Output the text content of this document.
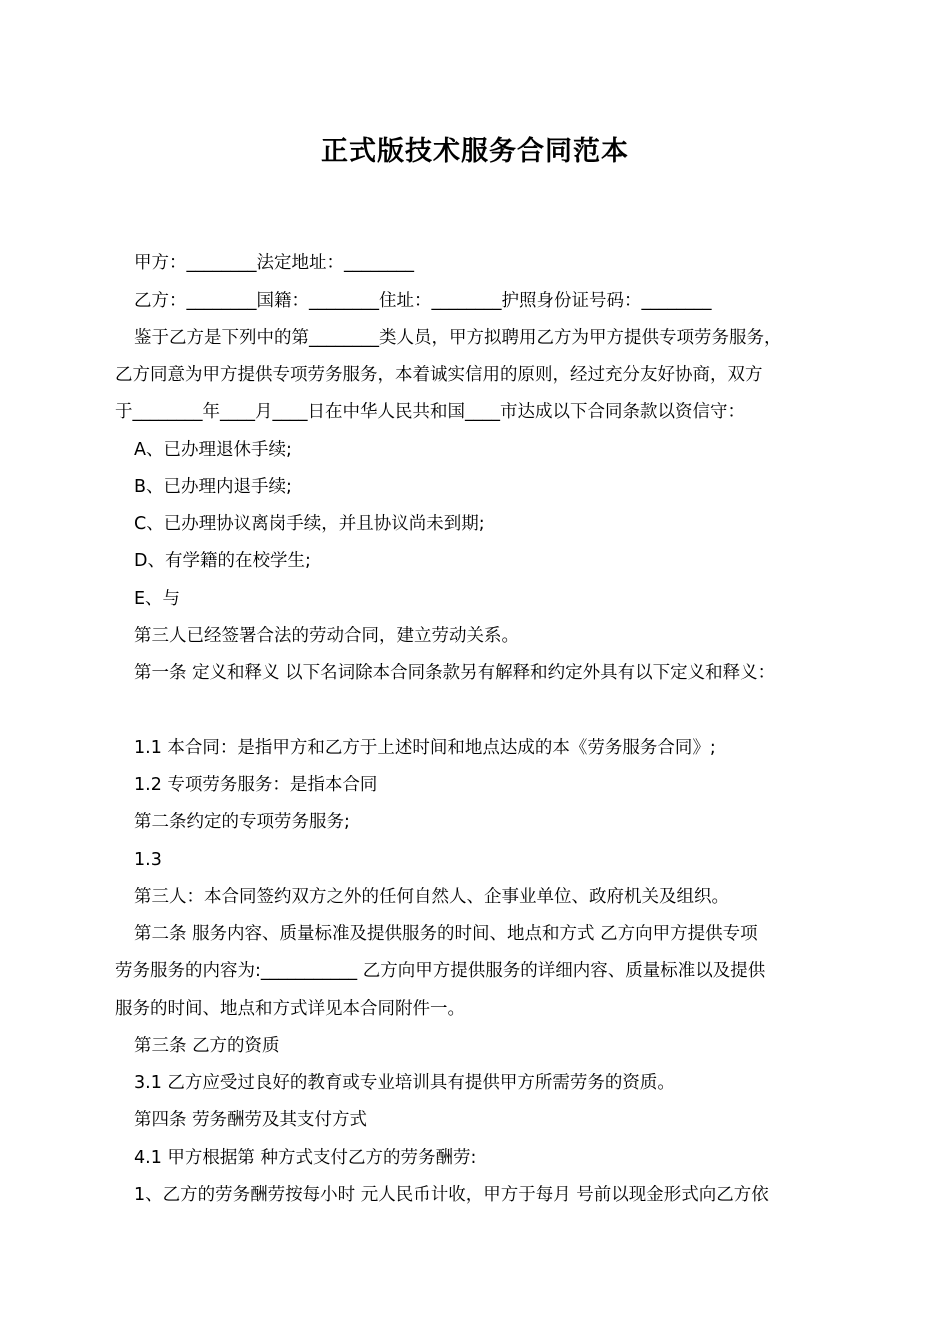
正式版技术服务合同范本
甲方：________法定地址：________
乙方：________国籍：________住址：________护照身份证号码：________
鉴于乙方是下列中的第________类人员，甲方拟聘用乙方为甲方提供专项劳务服务，
乙方同意为甲方提供专项劳务服务，本着诚实信用的原则，经过充分友好协商，双方
于________年____月____日在中华人民共和国____市达成以下合同条款以资信守：
A、已办理退休手续;
B、已办理内退手续;
C、已办理协议离岗手续，并且协议尚未到期;
D、有学籍的在校学生;
E、与
第三人已经签署合法的劳动合同，建立劳动关系。
第一条 定义和释义 以下名词除本合同条款另有解释和约定外具有以下定义和释义：
1.1 本合同：是指甲方和乙方于上述时间和地点达成的本《劳务服务合同》;
1.2 专项劳务服务：是指本合同
第二条约定的专项劳务服务;
1.3
第三人：本合同签约双方之外的任何自然人、企事业单位、政府机关及组织。
第二条 服务内容、质量标准及提供服务的时间、地点和方式 乙方向甲方提供专项
劳务服务的内容为:___________ 乙方向甲方提供服务的详细内容、质量标准以及提供
服务的时间、地点和方式详见本合同附件一。
第三条 乙方的资质
3.1 乙方应受过良好的教育或专业培训具有提供甲方所需劳务的资质。
第四条 劳务酬劳及其支付方式
4.1 甲方根据第 种方式支付乙方的劳务酬劳:
1、乙方的劳务酬劳按每小时 元人民币计收，甲方于每月 号前以现金形式向乙方依
